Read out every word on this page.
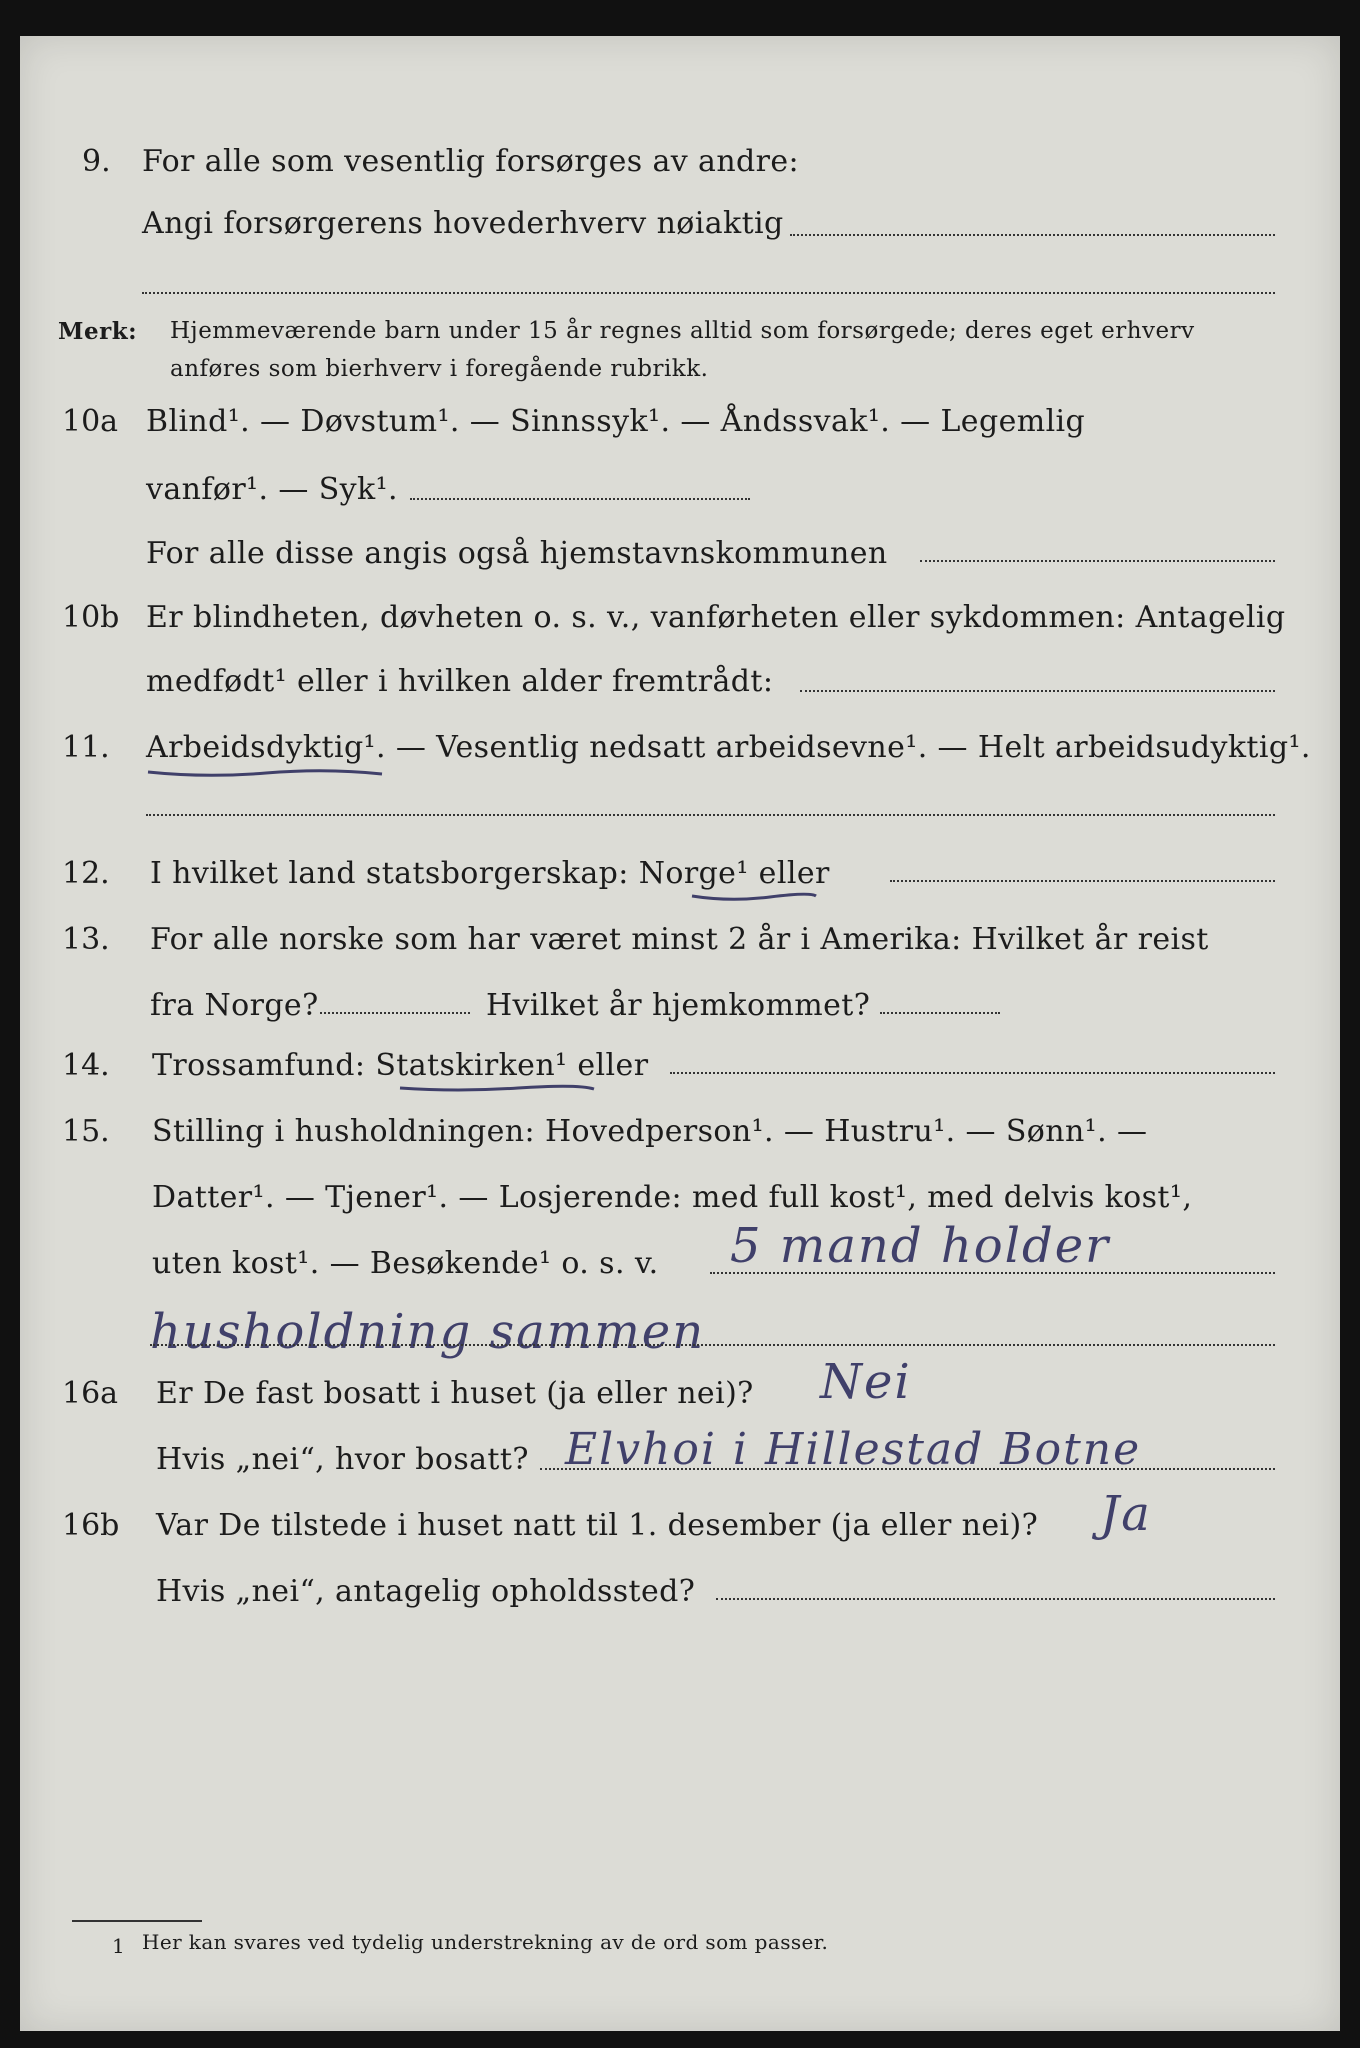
9. For alle som vesentlig forsørges av andre:
Angi forsørgerens hovederhverv nøiaktig
Merk: Hjemmeværende barn under 15 år regnes alltid som forsørgede; deres eget erhverv
anføres som bierhverv i foregående rubrikk.
10a Blind¹. — Døvstum¹. — Sinnssyk¹. — Åndssvak¹. — Legemlig
vanfør¹. — Syk¹.
For alle disse angis også hjemstavnskommunen
10b Er blindheten, døvheten o. s. v., vanførheten eller sykdommen: Antagelig
medfødt¹ eller i hvilken alder fremtrådt:
11. Arbeidsdyktig¹. — Vesentlig nedsatt arbeidsevne¹. — Helt arbeidsudyktig¹.
12. I hvilket land statsborgerskap: Norge¹ eller
13. For alle norske som har været minst 2 år i Amerika: Hvilket år reist
fra Norge?	Hvilket år hjemkommet?
14. Trossamfund: Statskirken¹ eller
15. Stilling i husholdningen: Hovedperson¹. — Hustru¹. — Sønn¹. —
Datter¹. — Tjener¹. — Losjerende: med full kost¹, med delvis kost¹,
uten kost¹. — Besøkende¹ o. s. v. 5 mand holder
husholdning sammen
16a Er De fast bosatt i huset (ja eller nei)? Nei
Hvis „nei“, hvor bosatt? Elvhoi i Hillestad Botne
16b Var De tilstede i huset natt til 1. desember (ja eller nei)? Ja
Hvis „nei“, antagelig opholdssted?
1 Her kan svares ved tydelig understrekning av de ord som passer.
